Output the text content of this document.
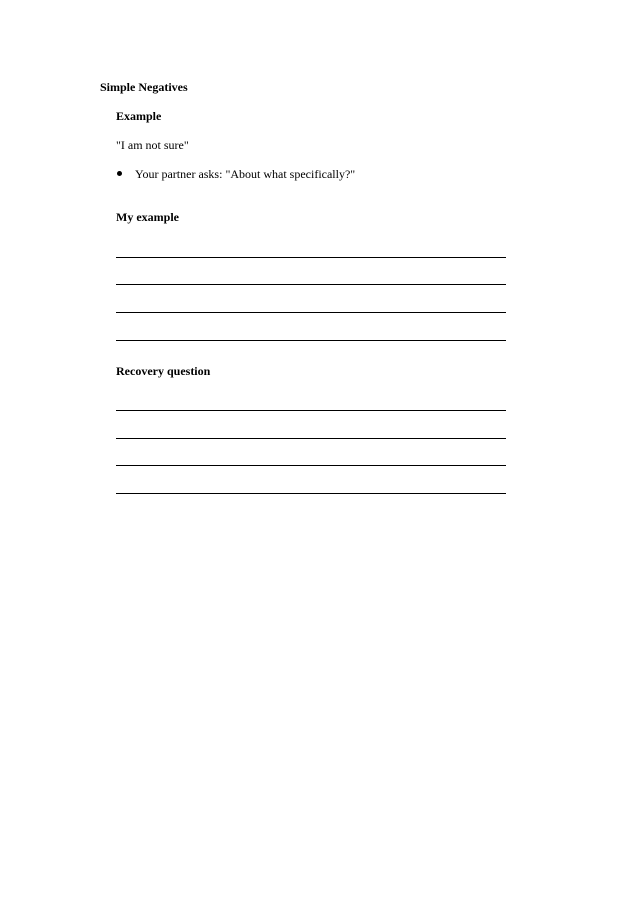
Simple Negatives
Example
"I am not sure"
Your partner asks: "About what specifically?"
My example
Recovery question
